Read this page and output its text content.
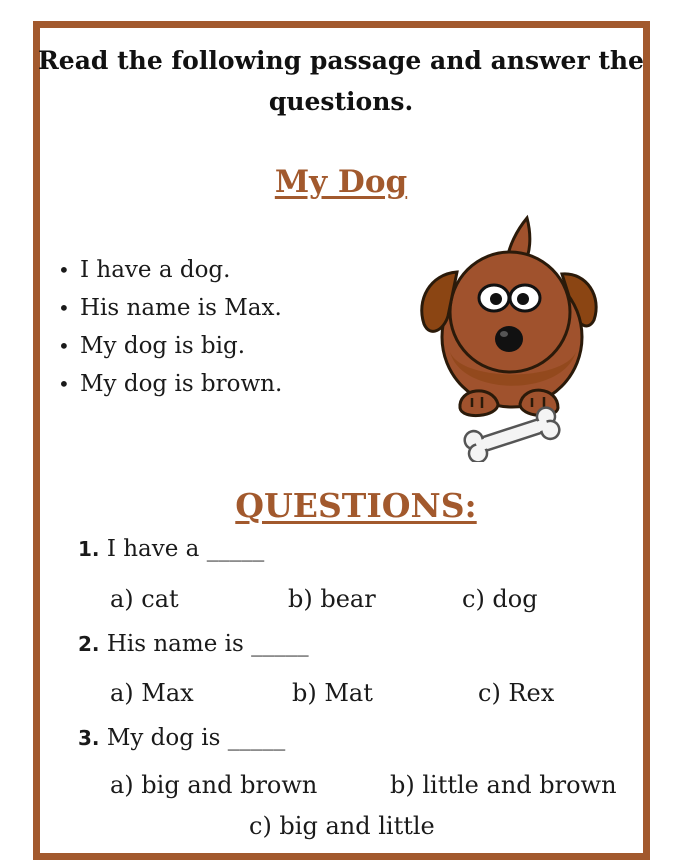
Read the following passage and answer the questions.
My Dog
• I have a dog.
• His name is Max.
• My dog is big.
• My dog is brown.
QUESTIONS:
1. I have a _____
a) cat	b) bear	c) dog
2. His name is _____
a) Max	b) Mat	c) Rex
3. My dog is _____
a) big and brown	b) little and brown
c) big and little
